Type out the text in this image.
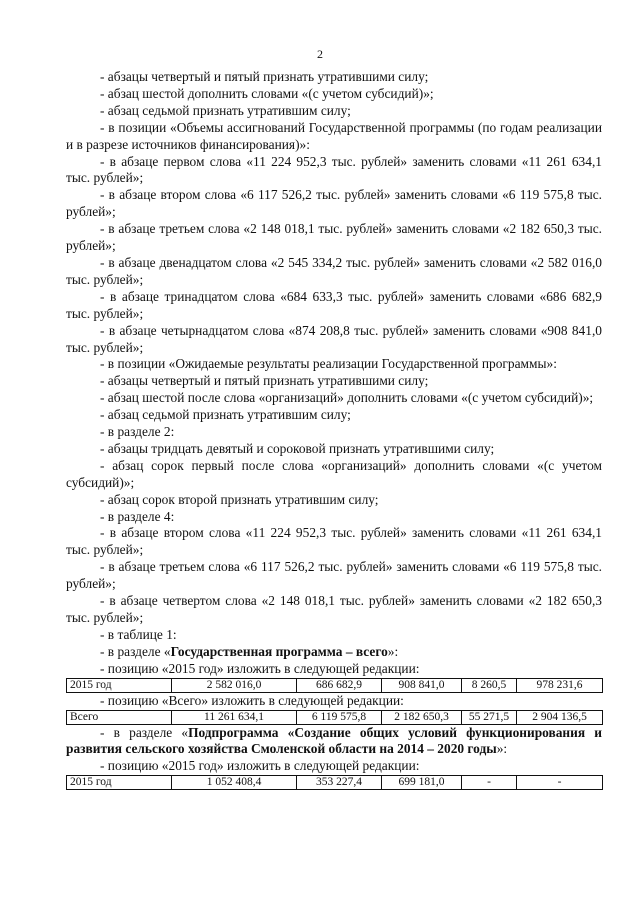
2

- абзацы четвертый и пятый признать утратившими силу;

- абзац шестой дополнить словами «(с учетом субсидий)»;

- абзац седьмой признать утратившим силу;

- в позиции «Объемы ассигнований Государственной программы (по годам реализации и в разрезе источников финансирования)»:

- в абзаце первом слова «11 224 952,3 тыс. рублей» заменить словами «11 261 634,1 тыс. рублей»;

- в абзаце втором слова «6 117 526,2 тыс. рублей» заменить словами «6 119 575,8 тыс. рублей»;

- в абзаце третьем слова «2 148 018,1 тыс. рублей» заменить словами «2 182 650,3 тыс. рублей»;

- в абзаце двенадцатом слова «2 545 334,2 тыс. рублей» заменить словами «2 582 016,0 тыс. рублей»;

- в абзаце тринадцатом слова «684 633,3 тыс. рублей» заменить словами «686 682,9 тыс. рублей»;

- в абзаце четырнадцатом слова «874 208,8 тыс. рублей» заменить словами «908 841,0 тыс. рублей»;

- в позиции «Ожидаемые результаты реализации Государственной программы»:

- абзацы четвертый и пятый признать утратившими силу;

- абзац шестой после слова «организаций» дополнить словами «(с учетом субсидий)»;

- абзац седьмой признать утратившим силу;

- в разделе 2:

- абзацы тридцать девятый и сороковой признать утратившими силу;

- абзац сорок первый после слова «организаций» дополнить словами «(с учетом субсидий)»;

- абзац сорок второй признать утратившим силу;

- в разделе 4:

- в абзаце втором слова «11 224 952,3 тыс. рублей» заменить словами «11 261 634,1 тыс. рублей»;

- в абзаце третьем слова «6 117 526,2 тыс. рублей» заменить словами «6 119 575,8 тыс. рублей»;

- в абзаце четвертом слова «2 148 018,1 тыс. рублей» заменить словами «2 182 650,3 тыс. рублей»;

- в таблице 1:

- в разделе «Государственная программа – всего»:

- позицию «2015 год» изложить в следующей редакции:

2015 год	2 582 016,0	686 682,9	908 841,0	8 260,5	978 231,6

- позицию «Всего» изложить в следующей редакции:

Всего	11 261 634,1	6 119 575,8	2 182 650,3	55 271,5	2 904 136,5

- в разделе «Подпрограмма «Создание общих условий функционирования и развития сельского хозяйства Смоленской области на 2014 – 2020 годы»:

- позицию «2015 год» изложить в следующей редакции:

2015 год	1 052 408,4	353 227,4	699 181,0	-	-
